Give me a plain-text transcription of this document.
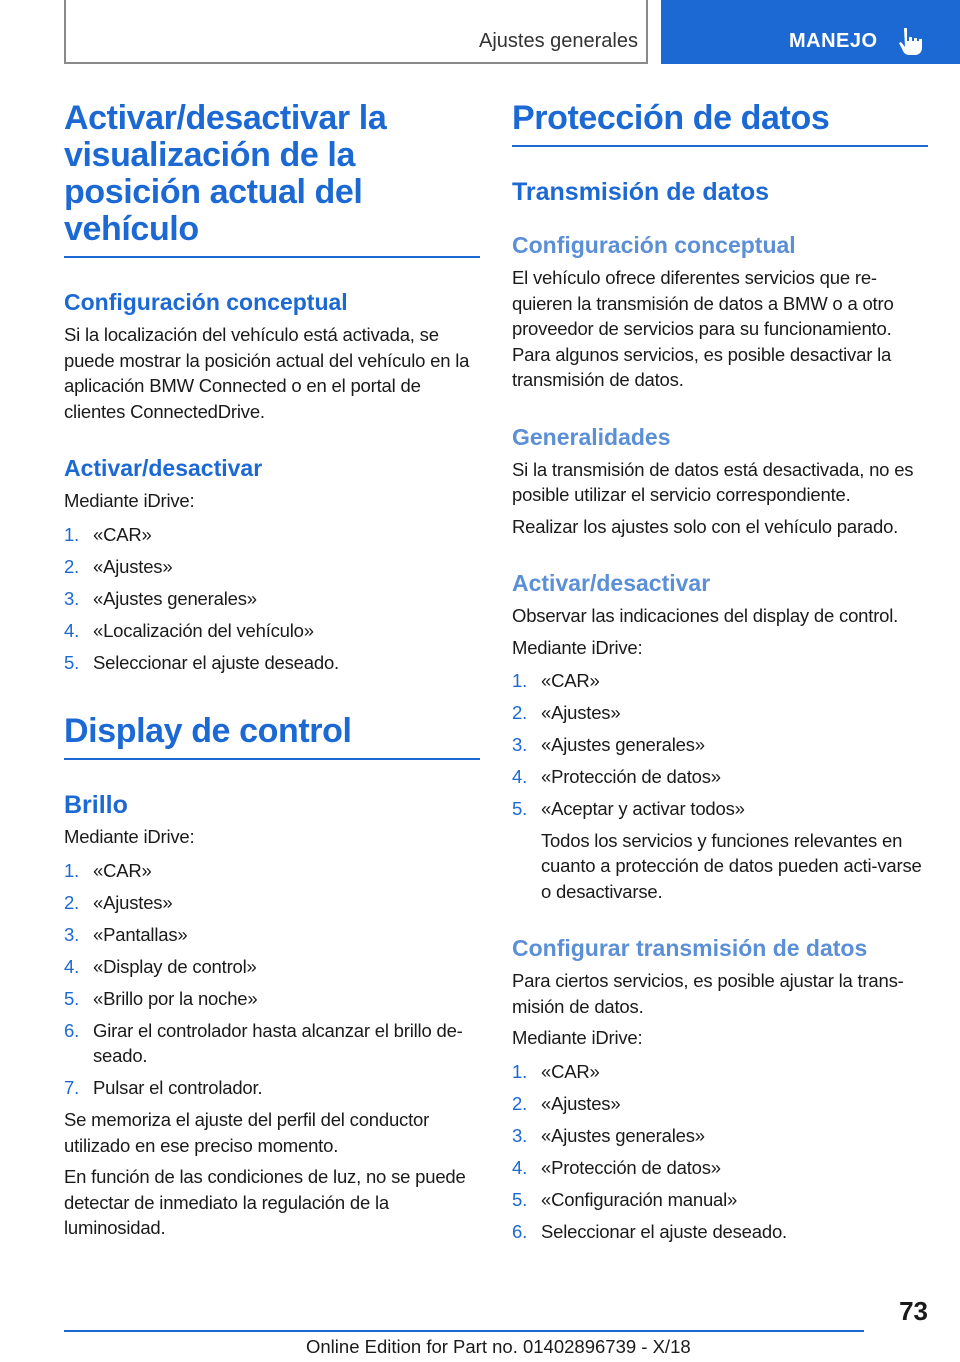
Ajustes generales	MANEJO
Activar/desactivar la visualización de la posición actual del vehículo
Configuración conceptual

Si la localización del vehículo está activada, se puede mostrar la posición actual del vehículo en la aplicación BMW Connected o en el portal de clientes ConnectedDrive.

Activar/desactivar

Mediante iDrive:

1. «CAR»
2. «Ajustes»
3. «Ajustes generales»
4. «Localización del vehículo»
5. Seleccionar el ajuste deseado.
Display de control
Brillo

Mediante iDrive:

1. «CAR»
2. «Ajustes»
3. «Pantallas»
4. «Display de control»
5. «Brillo por la noche»
6. Girar el controlador hasta alcanzar el brillo de-seado.
7. Pulsar el controlador.

Se memoriza el ajuste del perfil del conductor utilizado en ese preciso momento.

En función de las condiciones de luz, no se puede detectar de inmediato la regulación de la luminosidad.

Protección de datos
Transmisión de datos
Configuración conceptual

El vehículo ofrece diferentes servicios que re-quieren la transmisión de datos a BMW o a otro proveedor de servicios para su funcionamiento. Para algunos servicios, es posible desactivar la transmisión de datos.

Generalidades

Si la transmisión de datos está desactivada, no es posible utilizar el servicio correspondiente.

Realizar los ajustes solo con el vehículo parado.

Activar/desactivar

Observar las indicaciones del display de control.

Mediante iDrive:

1. «CAR»
2. «Ajustes»
3. «Ajustes generales»
4. «Protección de datos»
5. «Aceptar y activar todos»
Todos los servicios y funciones relevantes en cuanto a protección de datos pueden acti-varse o desactivarse.
Configurar transmisión de datos

Para ciertos servicios, es posible ajustar la trans-misión de datos.

Mediante iDrive:

1. «CAR»
2. «Ajustes»
3. «Ajustes generales»
4. «Protección de datos»
5. «Configuración manual»
6. Seleccionar el ajuste deseado.
73
Online Edition for Part no. 01402896739 - X/18
